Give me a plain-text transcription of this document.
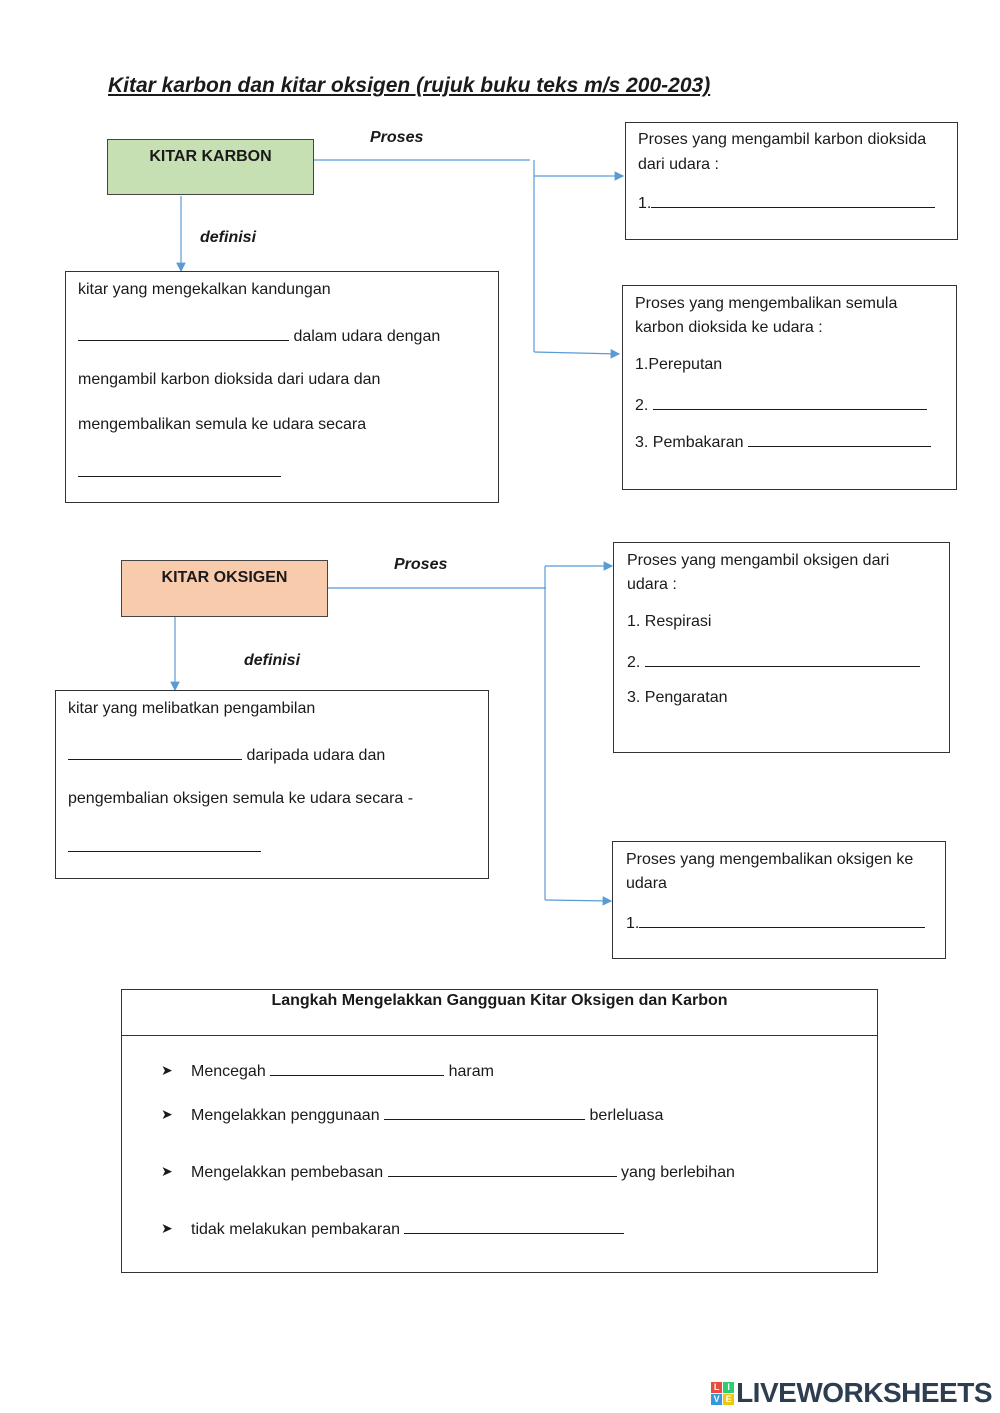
Kitar karbon dan kitar oksigen (rujuk buku teks m/s 200-203)
KITAR KARBON
Proses
definisi
kitar yang mengekalkan kandungan
dalam udara dengan
mengambil karbon dioksida dari udara dan
mengembalikan semula ke udara secara
Proses yang mengambil karbon dioksida
dari udara :
1.
Proses yang mengembalikan semula
karbon dioksida ke udara :
1.Pereputan
2.
3. Pembakaran
KITAR OKSIGEN
Proses
definisi
kitar yang melibatkan pengambilan
daripada udara dan
pengembalian oksigen semula ke udara secara -
Proses yang mengambil oksigen dari
udara :
1. Respirasi
2.
3. Pengaratan
Proses yang mengembalikan oksigen ke
udara
1.
Langkah Mengelakkan Gangguan Kitar Oksigen dan Karbon
➤ Mencegah	haram
➤ Mengelakkan penggunaan	berleluasa
➤ Mengelakkan pembebasan	yang berlebihan
➤ tidak melakukan pembakaran
L I
V E LIVEWORKSHEETS
